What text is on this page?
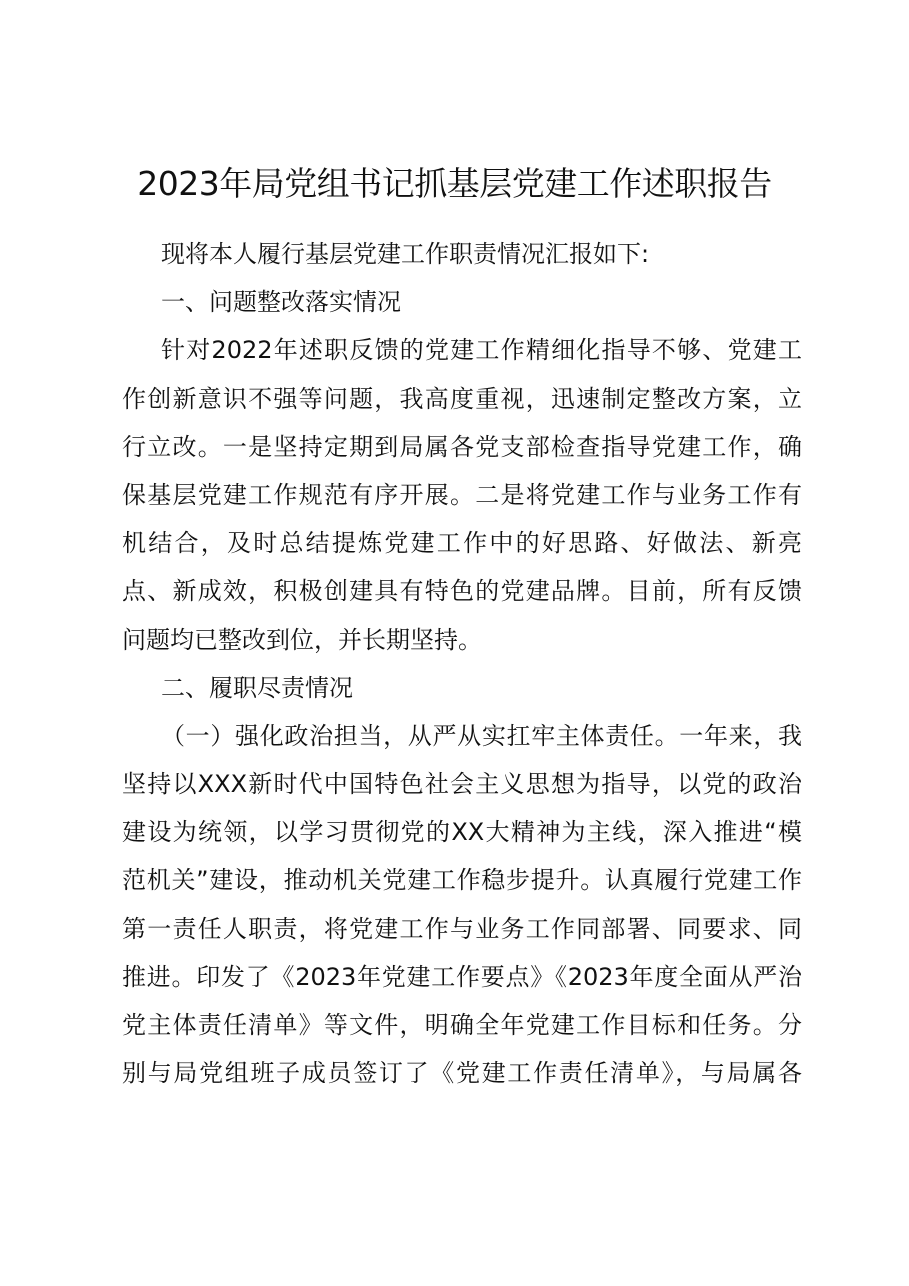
2023年局党组书记抓基层党建工作述职报告
现将本人履行基层党建工作职责情况汇报如下:
一、问题整改落实情况
针对2022年述职反馈的党建工作精细化指导不够、党建工
作创新意识不强等问题，我高度重视，迅速制定整改方案，立
行立改。一是坚持定期到局属各党支部检查指导党建工作，确
保基层党建工作规范有序开展。二是将党建工作与业务工作有
机结合，及时总结提炼党建工作中的好思路、好做法、新亮
点、新成效，积极创建具有特色的党建品牌。目前，所有反馈
问题均已整改到位，并长期坚持。
二、履职尽责情况
（一）强化政治担当，从严从实扛牢主体责任。一年来，我
坚持以XXX新时代中国特色社会主义思想为指导，以党的政治
建设为统领，以学习贯彻党的XX大精神为主线，深入推进“模
范机关”建设，推动机关党建工作稳步提升。认真履行党建工作
第一责任人职责，将党建工作与业务工作同部署、同要求、同
推进。印发了《2023年党建工作要点》《2023年度全面从严治
党主体责任清单》等文件，明确全年党建工作目标和任务。分
别与局党组班子成员签订了《党建工作责任清单》，与局属各
